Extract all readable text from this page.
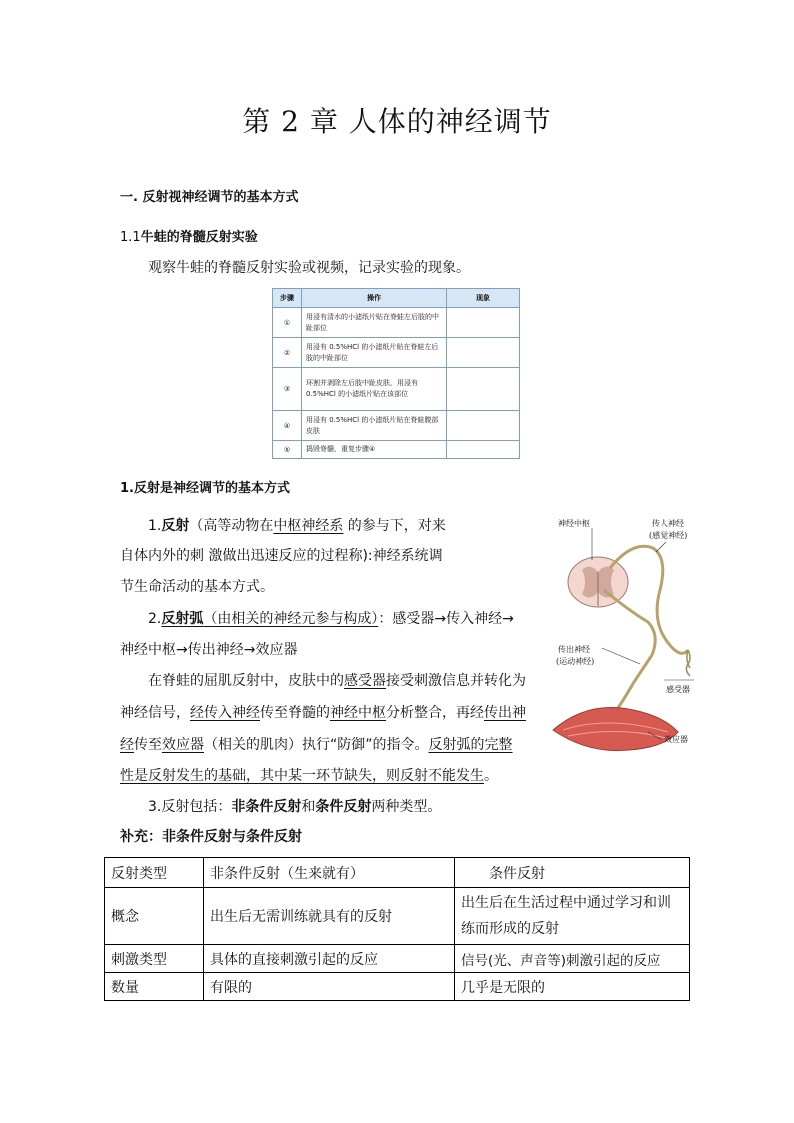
第 2 章 人体的神经调节
一. 反射视神经调节的基本方式
1.1牛蛙的脊髓反射实验
观察牛蛙的脊髓反射实验或视频，记录实验的现象。
步骤	操作	现象
①	用浸有清水的小滤纸片贴在脊蛙左后肢的中趾部位	
②	用浸有 0.5%HCl 的小滤纸片贴在脊蛙左后肢的中趾部位	
③	环割并剥除左后肢中趾皮肤，用浸有 0.5%HCl 的小滤纸片贴在该部位	
④	用浸有 0.5%HCl 的小滤纸片贴在脊蛙腹部皮肤	
⑤	捣毁脊髓，重复步骤④	
1.反射是神经调节的基本方式
1.反射（高等动物在中枢神经系 的参与下，对来
自体内外的刺 激做出迅速反应的过程称):神经系统调
节生命活动的基本方式。
2.反射弧（由相关的神经元参与构成）：感受器→传入神经→
神经中枢→传出神经→效应器
在脊蛙的屈肌反射中，皮肤中的感受器接受刺激信息并转化为
神经信号，经传入神经传至脊髓的神经中枢分析整合，再经传出神
经传至效应器（相关的肌肉）执行“防御”的指令。反射弧的完整
性是反射发生的基础，其中某一环节缺失，则反射不能发生。
3.反射包括：非条件反射和条件反射两种类型。
补充：非条件反射与条件反射
反射类型	非条件反射（生来就有）	条件反射
概念	出生后无需训练就具有的反射	出生后在生活过程中通过学习和训练而形成的反射
刺激类型	具体的直接刺激引起的反应	信号(光、声音等)刺激引起的反应
数量	有限的	几乎是无限的
神经中枢	传人神经
(感觉神经)
传出神经
(运动神经)
感受器
效应器
